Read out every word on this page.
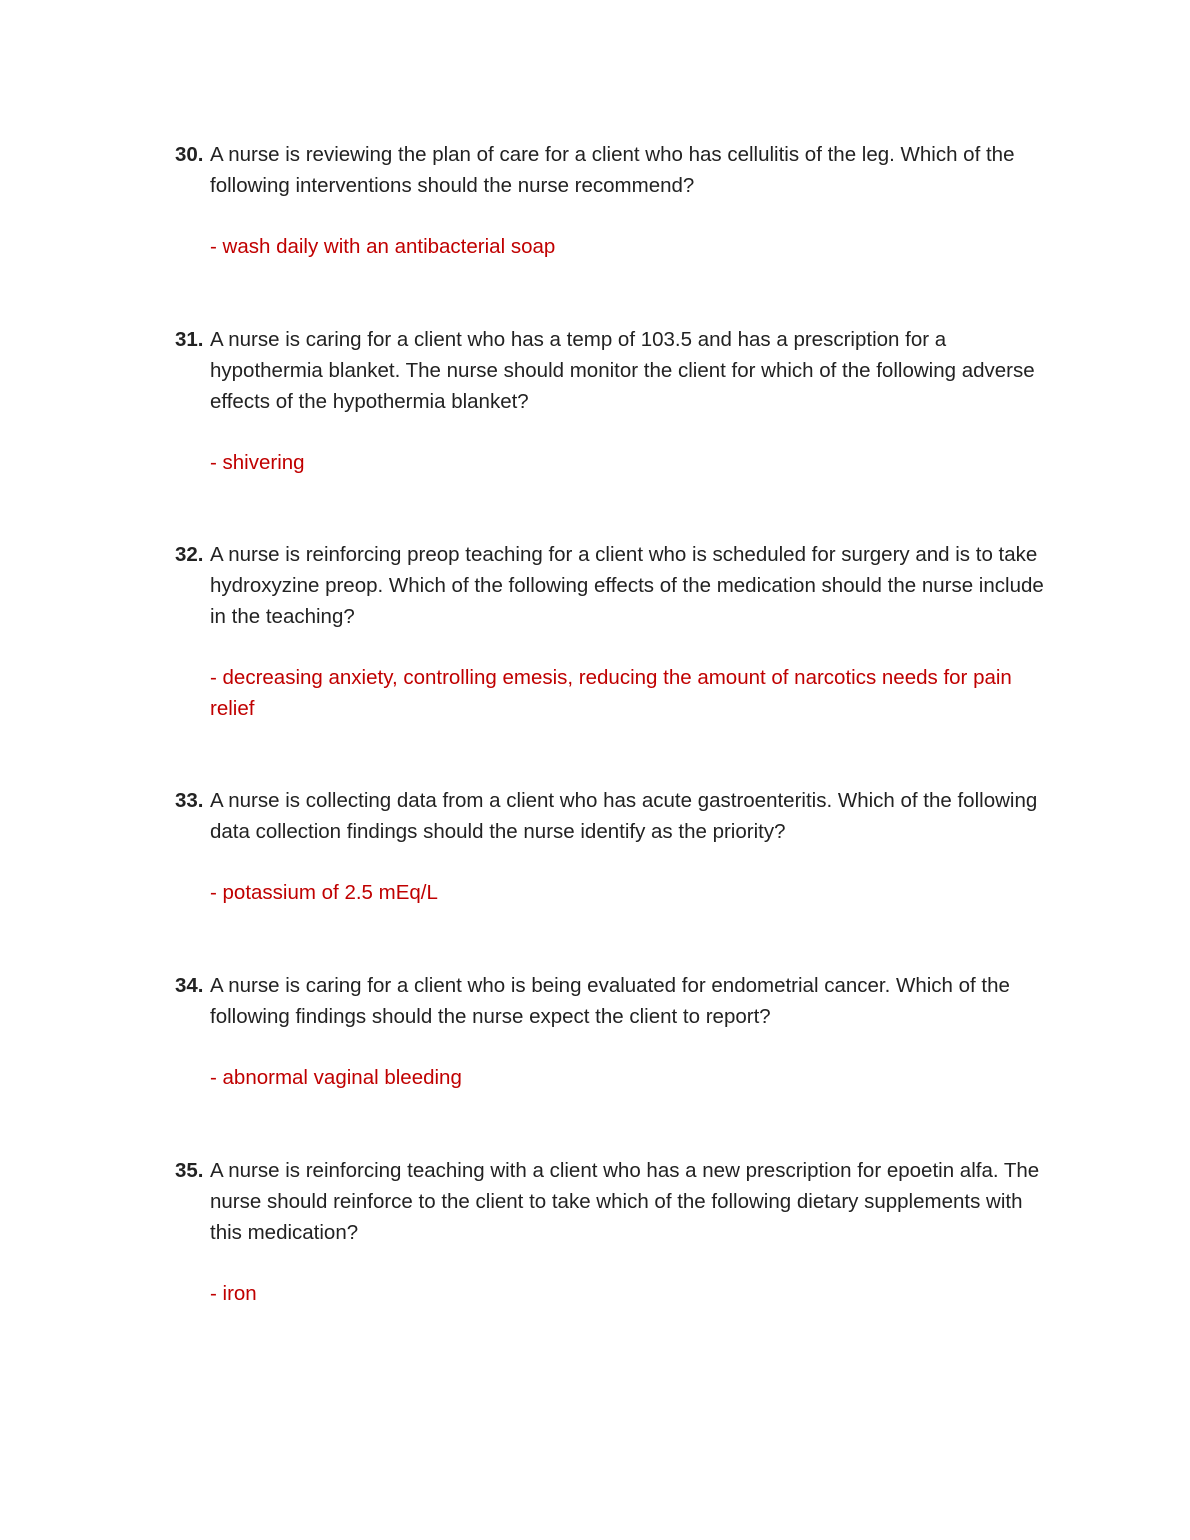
30. A nurse is reviewing the plan of care for a client who has cellulitis of the leg. Which of the following interventions should the nurse recommend?

- wash daily with an antibacterial soap

31. A nurse is caring for a client who has a temp of 103.5 and has a prescription for a hypothermia blanket. The nurse should monitor the client for which of the following adverse effects of the hypothermia blanket?

- shivering

32. A nurse is reinforcing preop teaching for a client who is scheduled for surgery and is to take hydroxyzine preop. Which of the following effects of the medication should the nurse include in the teaching?

- decreasing anxiety, controlling emesis, reducing the amount of narcotics needs for pain relief

33. A nurse is collecting data from a client who has acute gastroenteritis. Which of the following data collection findings should the nurse identify as the priority?

- potassium of 2.5 mEq/L

34. A nurse is caring for a client who is being evaluated for endometrial cancer. Which of the following findings should the nurse expect the client to report?

- abnormal vaginal bleeding

35. A nurse is reinforcing teaching with a client who has a new prescription for epoetin alfa. The nurse should reinforce to the client to take which of the following dietary supplements with this medication?

- iron
